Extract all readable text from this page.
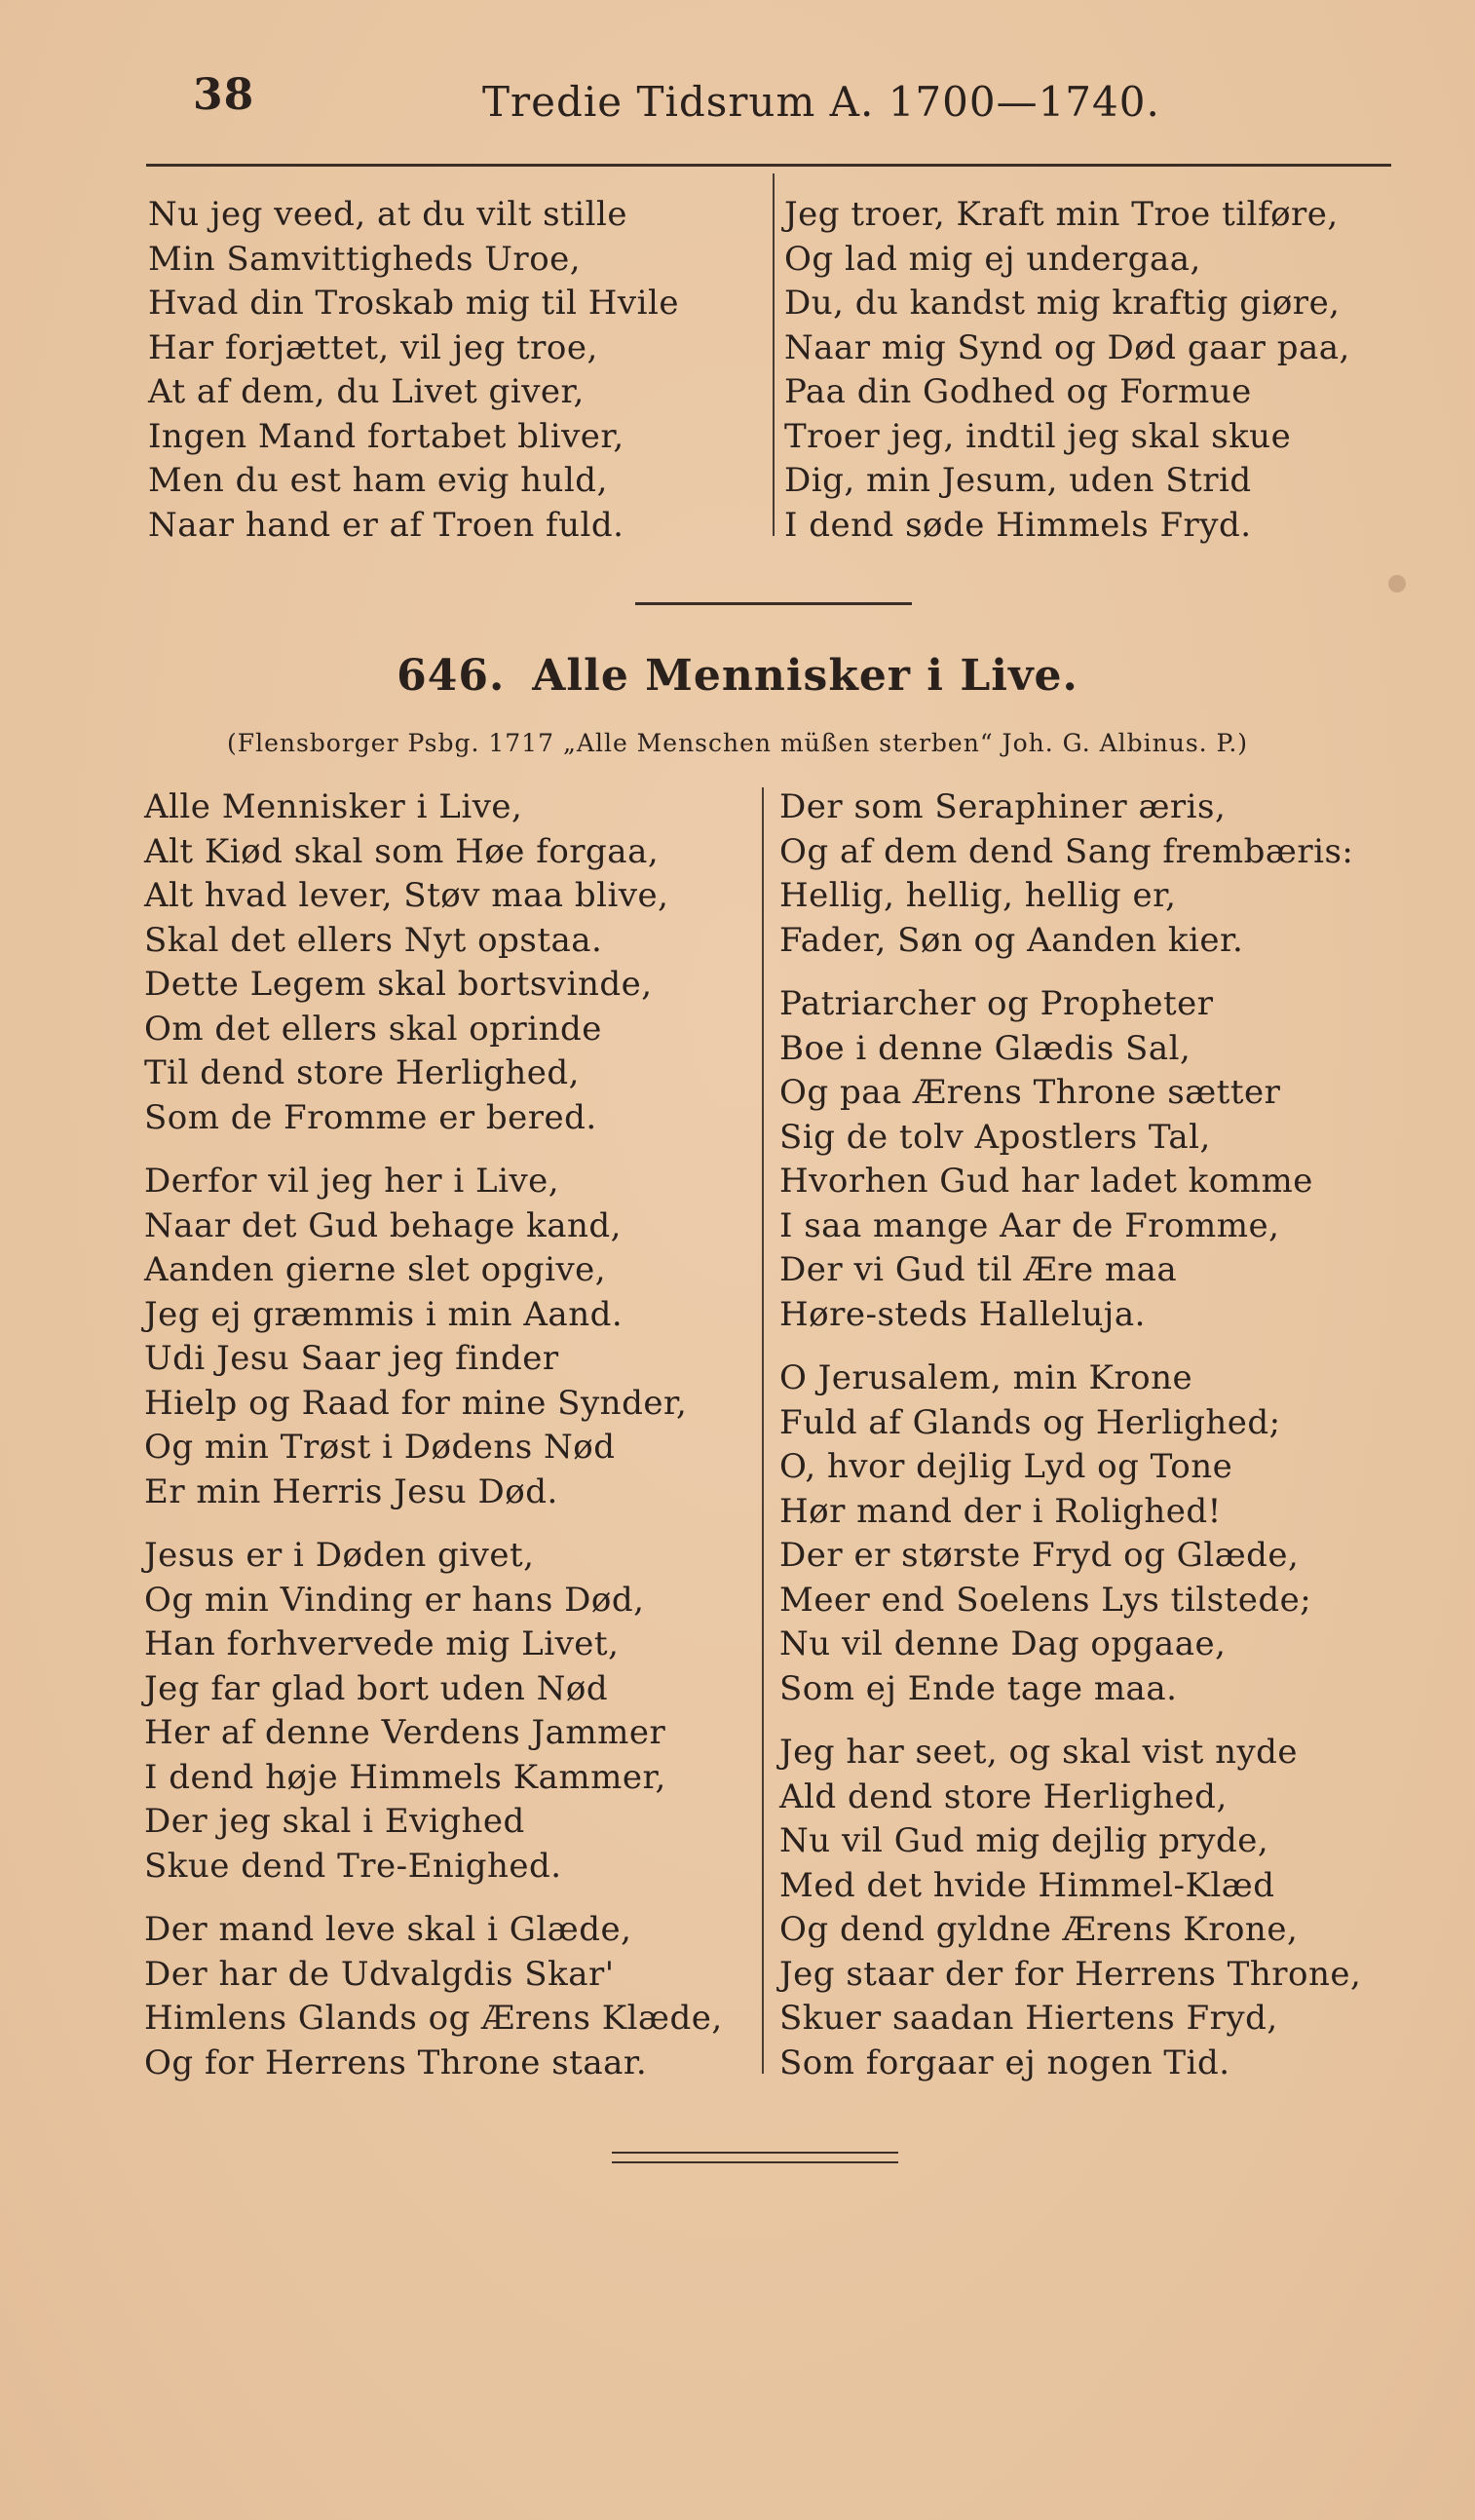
38	Tredie Tidsrum A. 1700—1740.
Nu jeg veed, at du vilt stille
Min Samvittigheds Uroe,
Hvad din Troskab mig til Hvile
Har forjættet, vil jeg troe,
At af dem, du Livet giver,
Ingen Mand fortabet bliver,
Men du est ham evig huld,
Naar hand er af Troen fuld.
Jeg troer, Kraft min Troe tilføre,
Og lad mig ej undergaa,
Du, du kandst mig kraftig giøre,
Naar mig Synd og Død gaar paa,
Paa din Godhed og Formue
Troer jeg, indtil jeg skal skue
Dig, min Jesum, uden Strid
I dend søde Himmels Fryd.
646. Alle Mennisker i Live.
(Flensborger Psbg. 1717 „Alle Menschen müßen sterben“ Joh. G. Albinus. P.)
Alle Mennisker i Live,
Alt Kiød skal som Høe forgaa,
Alt hvad lever, Støv maa blive,
Skal det ellers Nyt opstaa.
Dette Legem skal bortsvinde,
Om det ellers skal oprinde
Til dend store Herlighed,
Som de Fromme er bered.
Derfor vil jeg her i Live,
Naar det Gud behage kand,
Aanden gierne slet opgive,
Jeg ej græmmis i min Aand.
Udi Jesu Saar jeg finder
Hielp og Raad for mine Synder,
Og min Trøst i Dødens Nød
Er min Herris Jesu Død.
Jesus er i Døden givet,
Og min Vinding er hans Død,
Han forhvervede mig Livet,
Jeg far glad bort uden Nød
Her af denne Verdens Jammer
I dend høje Himmels Kammer,
Der jeg skal i Evighed
Skue dend Tre-Enighed.
Der mand leve skal i Glæde,
Der har de Udvalgdis Skar'
Himlens Glands og Ærens Klæde,
Og for Herrens Throne staar.
Der som Seraphiner æris,
Og af dem dend Sang frembæris:
Hellig, hellig, hellig er,
Fader, Søn og Aanden kier.
Patriarcher og Propheter
Boe i denne Glædis Sal,
Og paa Ærens Throne sætter
Sig de tolv Apostlers Tal,
Hvorhen Gud har ladet komme
I saa mange Aar de Fromme,
Der vi Gud til Ære maa
Høre-steds Halleluja.
O Jerusalem, min Krone
Fuld af Glands og Herlighed;
O, hvor dejlig Lyd og Tone
Hør mand der i Rolighed!
Der er største Fryd og Glæde,
Meer end Soelens Lys tilstede;
Nu vil denne Dag opgaae,
Som ej Ende tage maa.
Jeg har seet, og skal vist nyde
Ald dend store Herlighed,
Nu vil Gud mig dejlig pryde,
Med det hvide Himmel-Klæd
Og dend gyldne Ærens Krone,
Jeg staar der for Herrens Throne,
Skuer saadan Hiertens Fryd,
Som forgaar ej nogen Tid.
